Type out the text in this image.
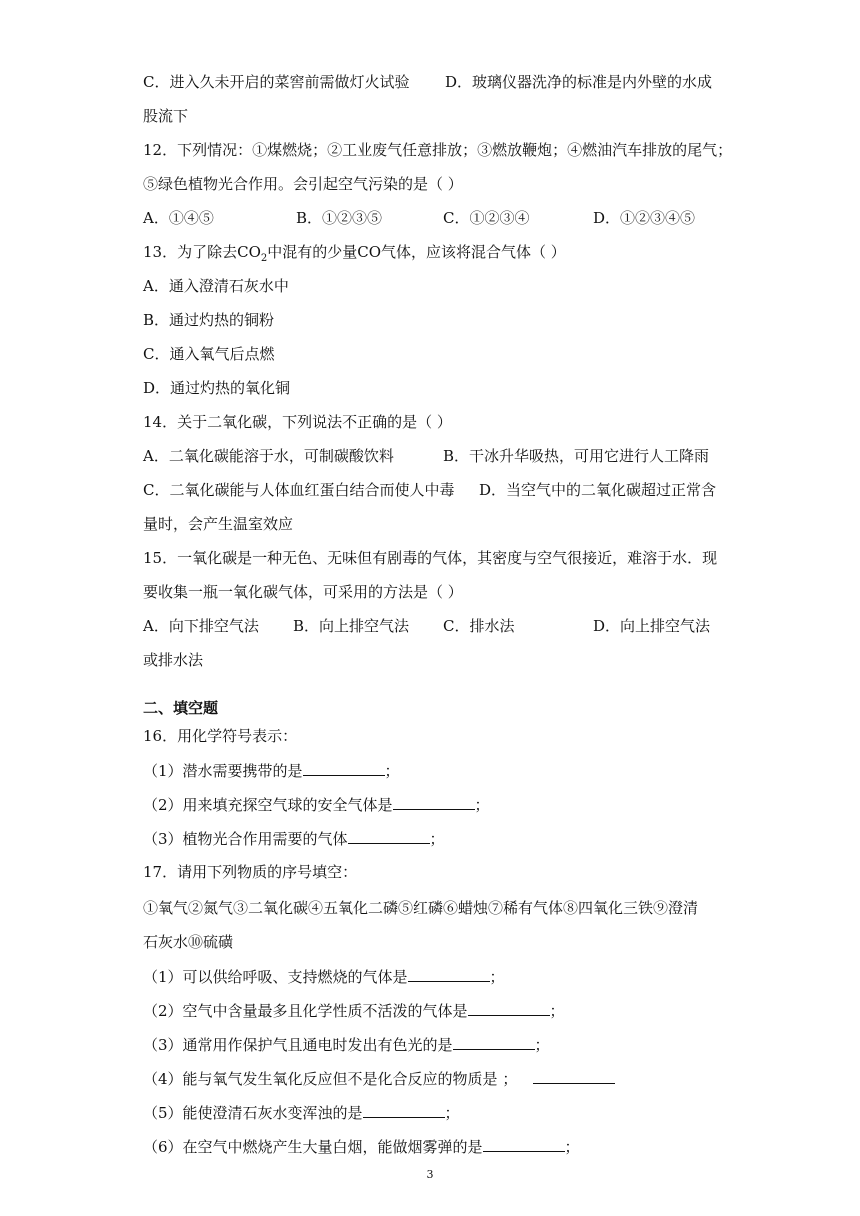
C．进入久未开启的菜窖前需做灯火试验 D．玻璃仪器洗净的标准是内外壁的水成
股流下
12．下列情况：①煤燃烧；②工业废气任意排放；③燃放鞭炮；④燃油汽车排放的尾气；
⑤绿色植物光合作用。会引起空气污染的是（ ）
A．①④⑤	B．①②③⑤	C．①②③④	D．①②③④⑤
13．为了除去$CO_2$中混有的少量CO气体，应该将混合气体（ ）
A．通入澄清石灰水中
B．通过灼热的铜粉
C．通入氧气后点燃
D．通过灼热的氧化铜
14．关于二氧化碳，下列说法不正确的是（ ）
A．二氧化碳能溶于水，可制碳酸饮料	B．干冰升华吸热，可用它进行人工降雨
C．二氧化碳能与人体血红蛋白结合而使人中毒 D．当空气中的二氧化碳超过正常含
量时，会产生温室效应
15．一氧化碳是一种无色、无味但有剧毒的气体，其密度与空气很接近，难溶于水．现
要收集一瓶一氧化碳气体，可采用的方法是（ ）
A．向下排空气法 B．向上排空气法 C．排水法	D．向上排空气法
或排水法
二、填空题
16．用化学符号表示：
（1）潜水需要携带的是	；
（2）用来填充探空气球的安全气体是	；
（3）植物光合作用需要的气体	；
17．请用下列物质的序号填空：
①氧气②氮气③二氧化碳④五氧化二磷⑤红磷⑥蜡烛⑦稀有气体⑧四氧化三铁⑨澄清
石灰水⑩硫磺
（1）可以供给呼吸、支持燃烧的气体是	；
（2）空气中含量最多且化学性质不活泼的气体是	；
（3）通常用作保护气且通电时发出有色光的是	；
（4）能与氧气发生氧化反应但不是化合反应的物质是 ；
（5）能使澄清石灰水变浑浊的是	；
（6）在空气中燃烧产生大量白烟，能做烟雾弹的是	；
3
